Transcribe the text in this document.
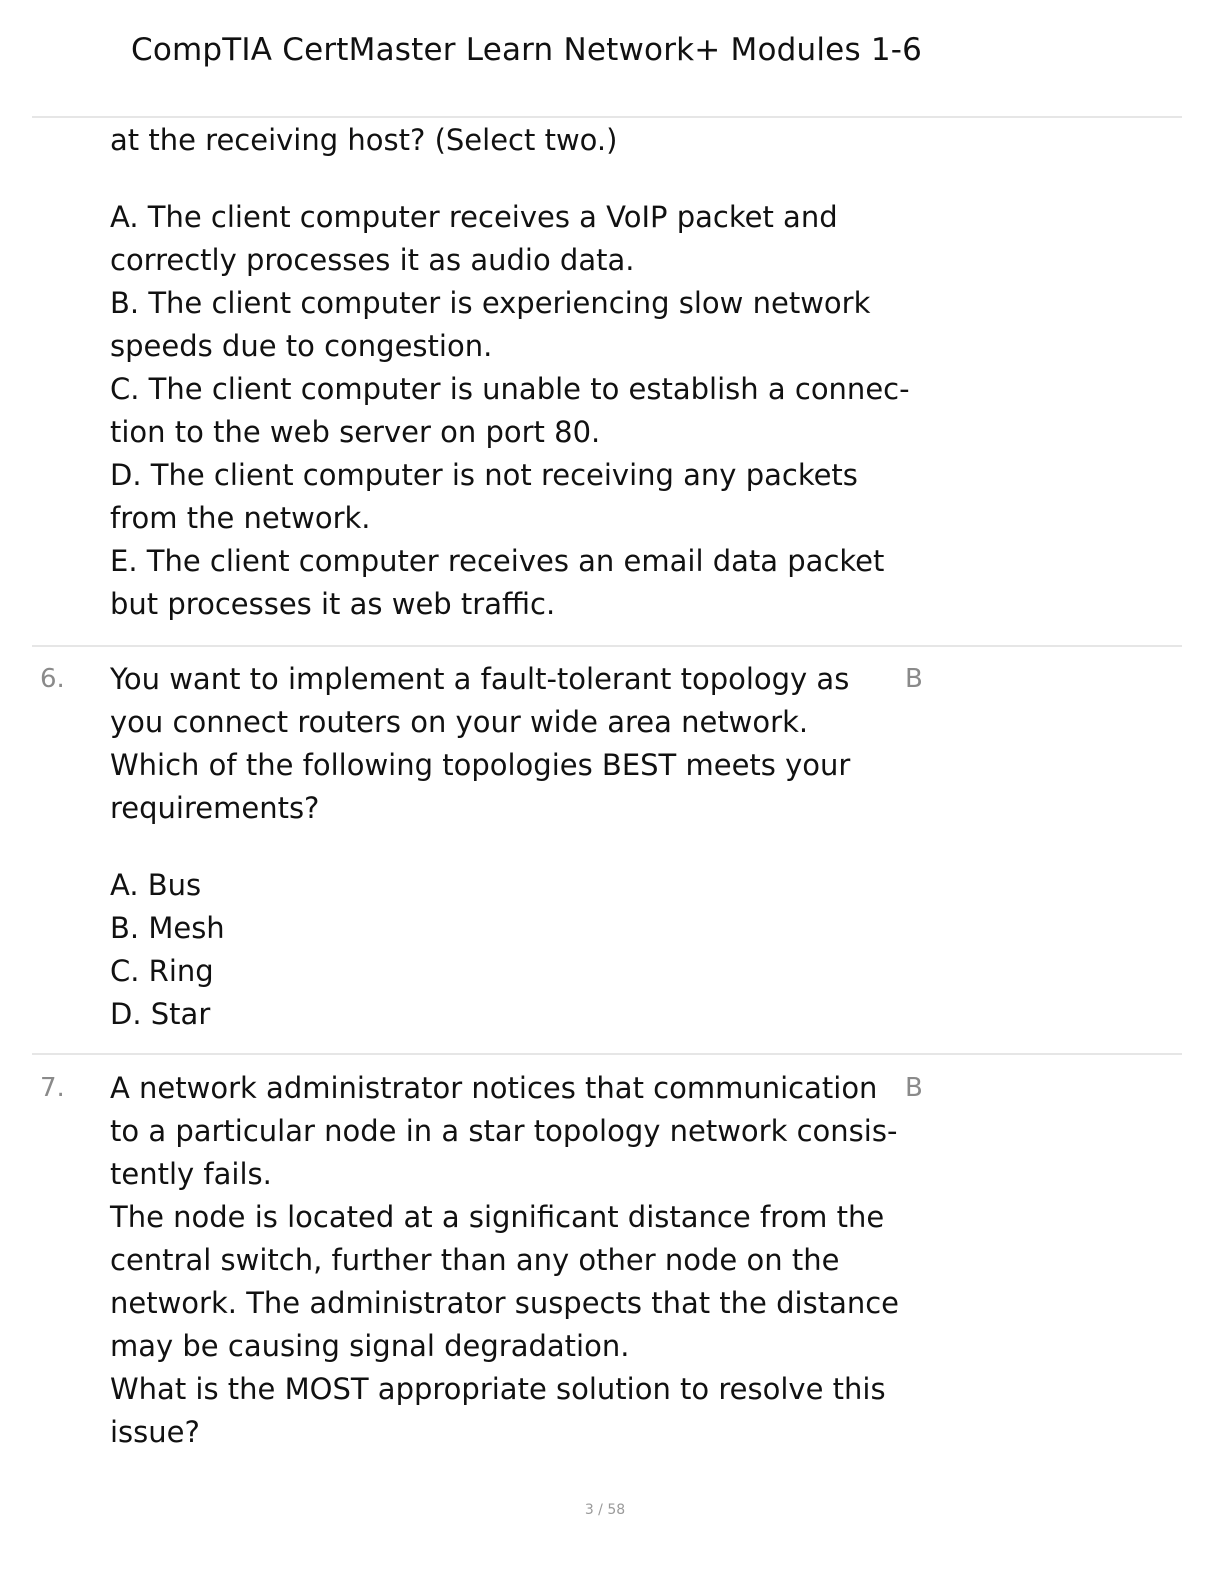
CompTIA CertMaster Learn Network+ Modules 1-6
at the receiving host? (Select two.)
A. The client computer receives a VoIP packet and
correctly processes it as audio data.
B. The client computer is experiencing slow network
speeds due to congestion.
C. The client computer is unable to establish a connec-
tion to the web server on port 80.
D. The client computer is not receiving any packets
from the network.
E. The client computer receives an email data packet
but processes it as web traffic.
6.	B
You want to implement a fault-tolerant topology as
you connect routers on your wide area network.
Which of the following topologies BEST meets your
requirements?
A. Bus
B. Mesh
C. Ring
D. Star
7.	B
A network administrator notices that communication
to a particular node in a star topology network consis-
tently fails.
The node is located at a significant distance from the
central switch, further than any other node on the
network. The administrator suspects that the distance
may be causing signal degradation.
What is the MOST appropriate solution to resolve this
issue?
3 / 58
